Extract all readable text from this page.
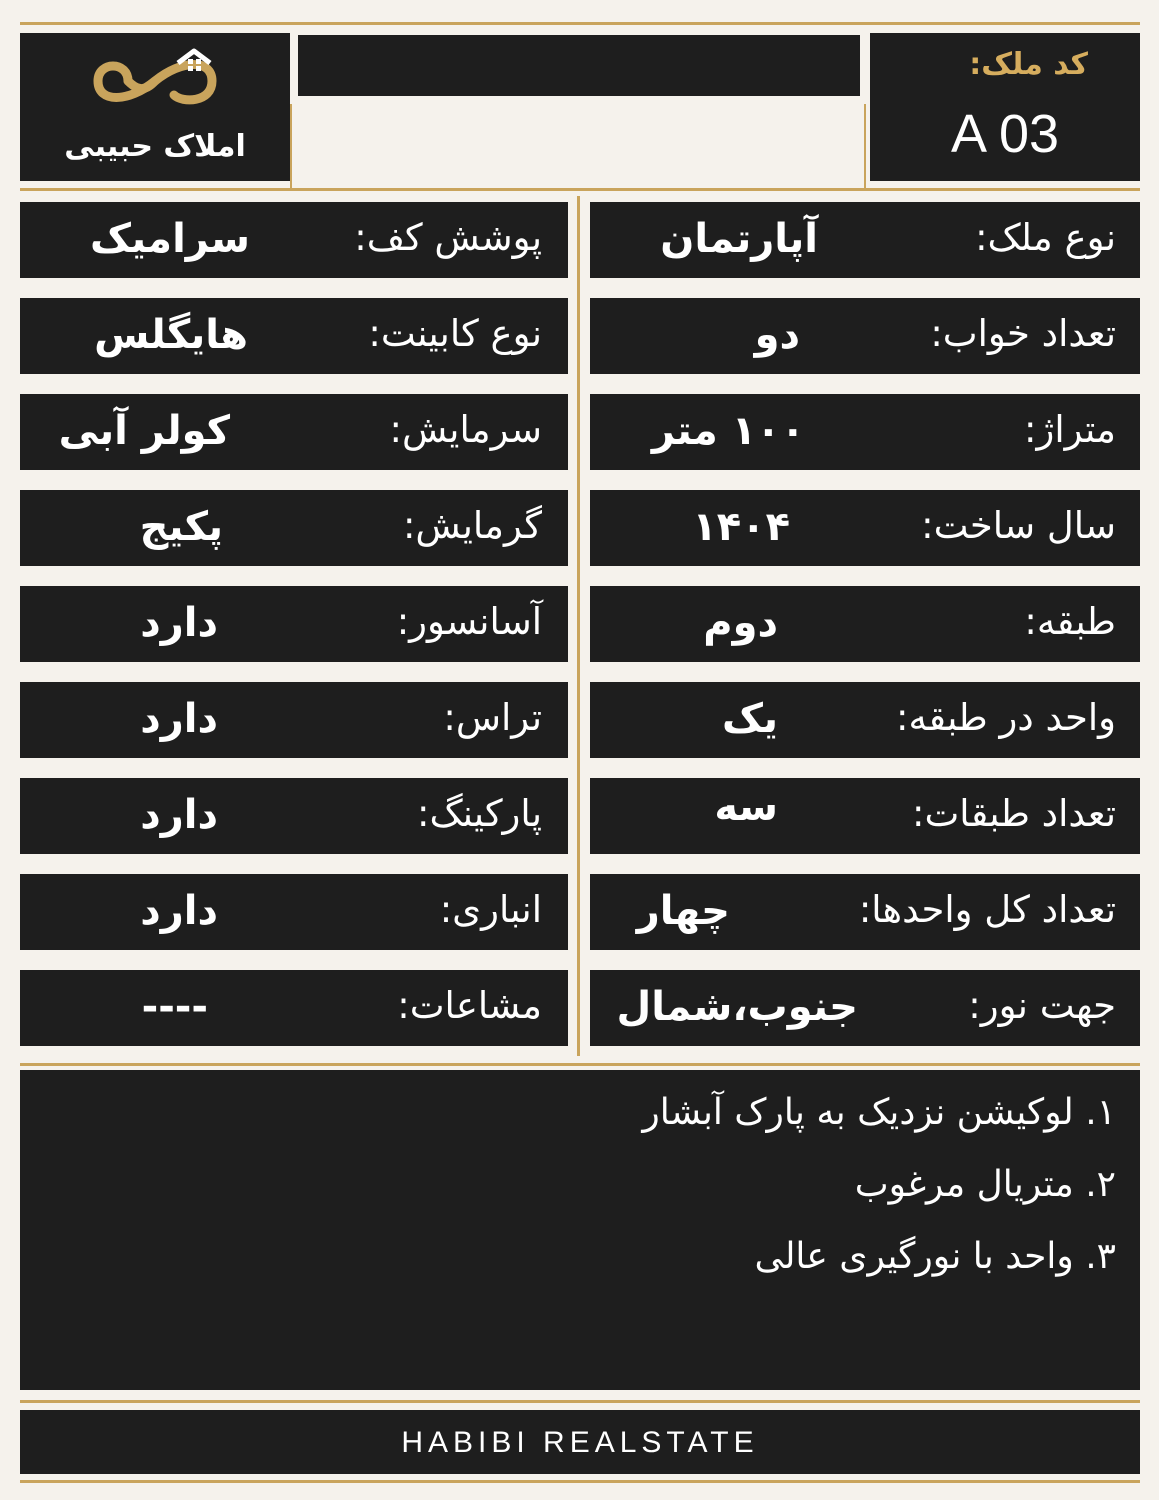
املاک حبیبی
کد ملک:
A 03
نوع ملک:
آپارتمان
تعداد خواب:
دو
متراژ:
۱۰۰ متر
سال ساخت:
۱۴۰۴
طبقه:
دوم
واحد در طبقه:
یک
تعداد طبقات:
سه
تعداد کل واحدها:
چهار
جهت نور:
جنوب،شمال
پوشش کف:
سرامیک
نوع کابینت:
هایگلس
سرمایش:
کولر آبی
گرمایش:
پکیج
آسانسور:
دارد
تراس:
دارد
پارکینگ:
دارد
انباری:
دارد
مشاعات:
----
۱. لوکیشن نزدیک به پارک آبشار
۲. متریال مرغوب
۳. واحد با نورگیری عالی
HABIBI REALSTATE
